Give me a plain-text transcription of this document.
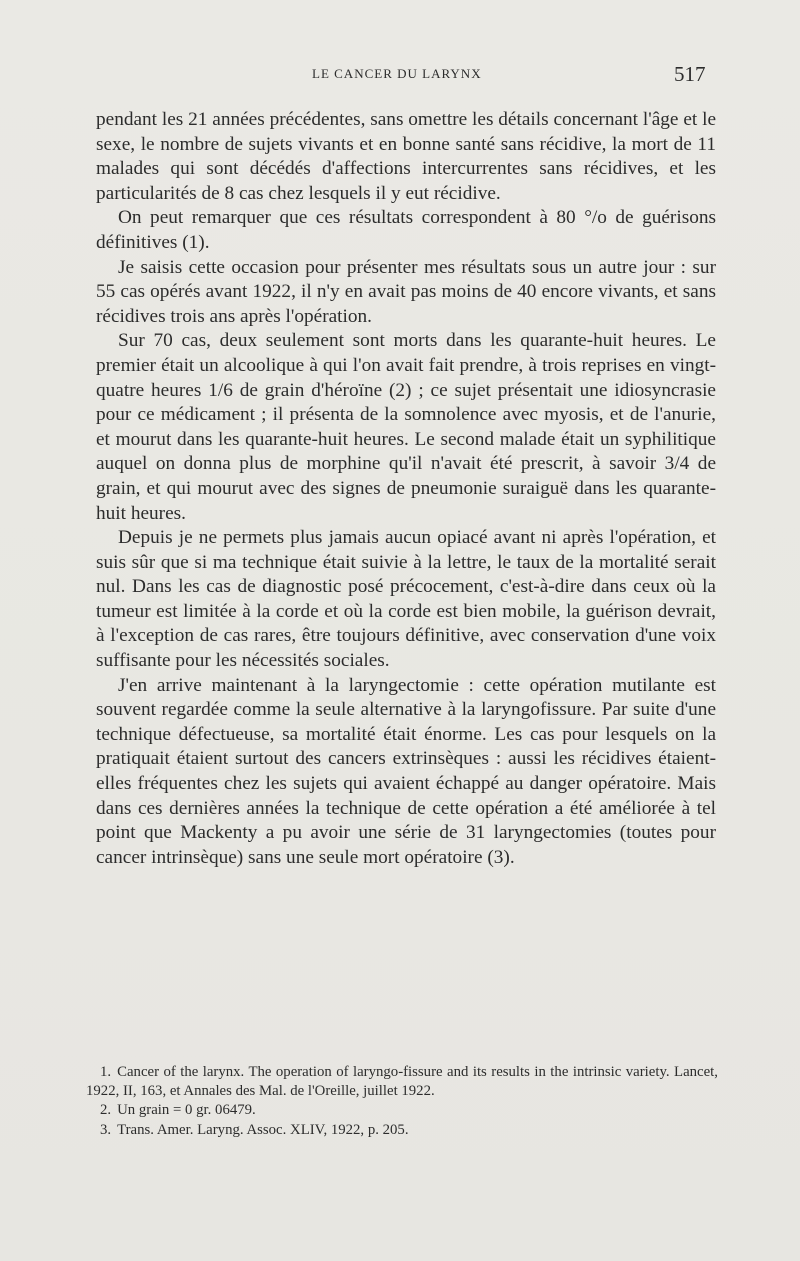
LE CANCER DU LARYNX	517

pendant les 21 années précédentes, sans omettre les détails concernant l'âge et le sexe, le nombre de sujets vivants et en bonne santé sans récidive, la mort de 11 malades qui sont décédés d'affections intercurrentes sans récidives, et les particularités de 8 cas chez lesquels il y eut récidive.

On peut remarquer que ces résultats correspondent à 80 °/o de guérisons définitives (1).

Je saisis cette occasion pour présenter mes résultats sous un autre jour : sur 55 cas opérés avant 1922, il n'y en avait pas moins de 40 encore vivants, et sans récidives trois ans après l'opération.

Sur 70 cas, deux seulement sont morts dans les quarante-huit heures. Le premier était un alcoolique à qui l'on avait fait prendre, à trois reprises en vingt-quatre heures 1/6 de grain d'héroïne (2) ; ce sujet présentait une idiosyncrasie pour ce médicament ; il présenta de la somnolence avec myosis, et de l'anurie, et mourut dans les quarante-huit heures. Le second malade était un syphilitique auquel on donna plus de morphine qu'il n'avait été prescrit, à savoir 3/4 de grain, et qui mourut avec des signes de pneumonie suraiguë dans les quarante-huit heures.

Depuis je ne permets plus jamais aucun opiacé avant ni après l'opération, et suis sûr que si ma technique était suivie à la lettre, le taux de la mortalité serait nul. Dans les cas de diagnostic posé précocement, c'est-à-dire dans ceux où la tumeur est limitée à la corde et où la corde est bien mobile, la guérison devrait, à l'exception de cas rares, être toujours définitive, avec conservation d'une voix suffisante pour les nécessités sociales.

J'en arrive maintenant à la laryngectomie : cette opération mutilante est souvent regardée comme la seule alternative à la laryngofissure. Par suite d'une technique défectueuse, sa mortalité était énorme. Les cas pour lesquels on la pratiquait étaient surtout des cancers extrinsèques : aussi les récidives étaient-elles fréquentes chez les sujets qui avaient échappé au danger opératoire. Mais dans ces dernières années la technique de cette opération a été améliorée à tel point que Mackenty a pu avoir une série de 31 laryngectomies (toutes pour cancer intrinsèque) sans une seule mort opératoire (3).

1. Cancer of the larynx. The operation of laryngo-fissure and its results in the intrinsic variety. Lancet, 1922, II, 163, et Annales des Mal. de l'Oreille, juillet 1922.

2. Un grain = 0 gr. 06479.

3. Trans. Amer. Laryng. Assoc. XLIV, 1922, p. 205.
